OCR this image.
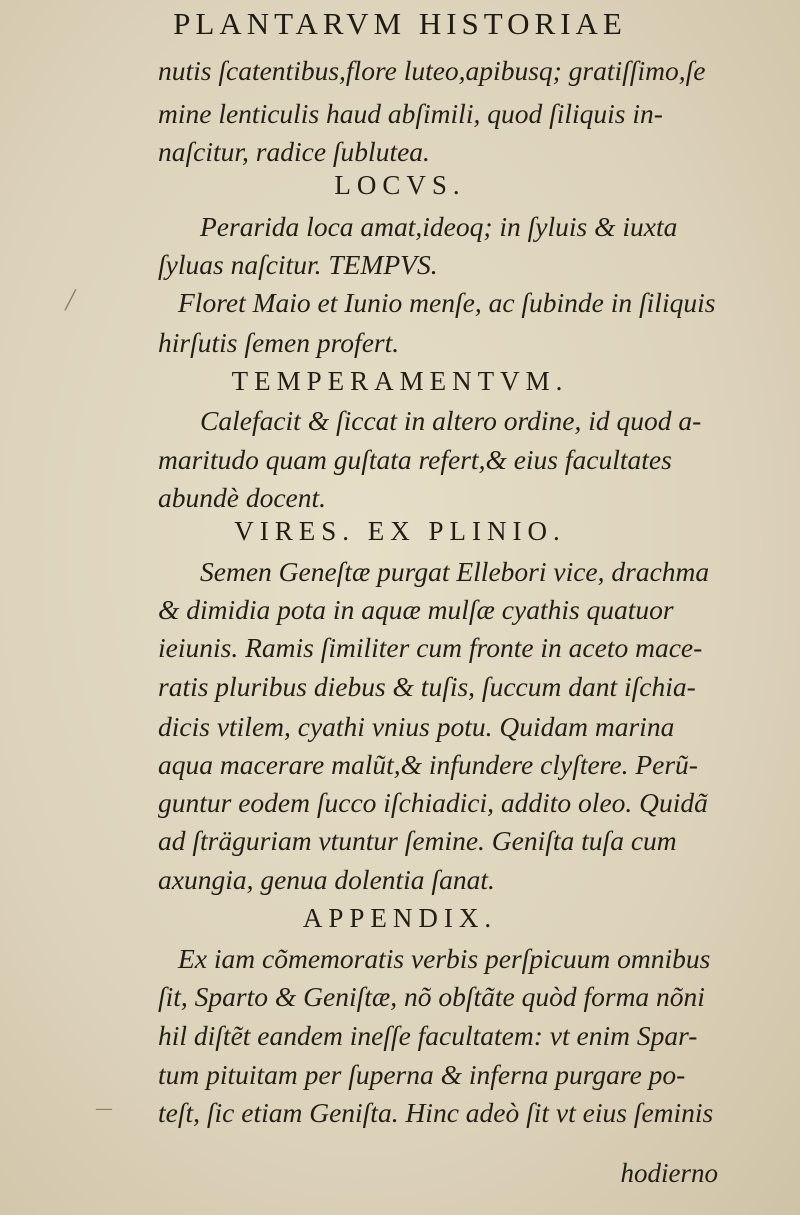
PLANTARVM HISTORIAE
nutis ſcatentibus,flore luteo,apibusq; gratiſſimo,ſe
mine lenticulis haud abſimili, quod ſiliquis in-
naſcitur, radice ſubluteа.
LOCVS.
Perarida loca amat,ideoq; in ſyluis & iuxta
ſyluas naſcitur. TEMPVS.
Floret Maio et Iunio menſe, ac ſubinde in ſiliquis
hirſutis ſemen profert.
TEMPERAMENTVM.
Calefacit & ſiccat in altero ordine, id quod a-
maritudo quam guſtata refert,& eius facultates
abundè docent.
VIRES. EX PLINIO.
Semen Geneſtæ purgat Ellebori vice, drachma
& dimidia pota in aquæ mulſæ cyathis quatuor
ieiunis. Ramis ſimiliter cum fronte in aceto mace-
ratis pluribus diebus & tuſis, ſuccum dant iſchia-
dicis vtilem, cyathi vnius potu. Quidam marina
aqua macerare malũt,& infundere clyſtere. Perũ-
guntur eodem ſucco iſchiadici, addito oleo. Quidã
ad ſträguriam vtuntur ſemine. Geniſta tuſa cum
axungia, genua dolentia ſanat.
APPENDIX.
Ex iam cõmemoratis verbis perſpicuum omnibus
ſit, Sparto & Geniſtæ, nõ obſtãte quòd forma nõni
hil diſtẽt eandem ineſſe facultatem: vt enim Spar-
tum pituitam per ſuperna & inferna purgare po-
teſt, ſic etiam Geniſta. Hinc adeò ſit vt eius ſeminis
hodierno
╱
—
